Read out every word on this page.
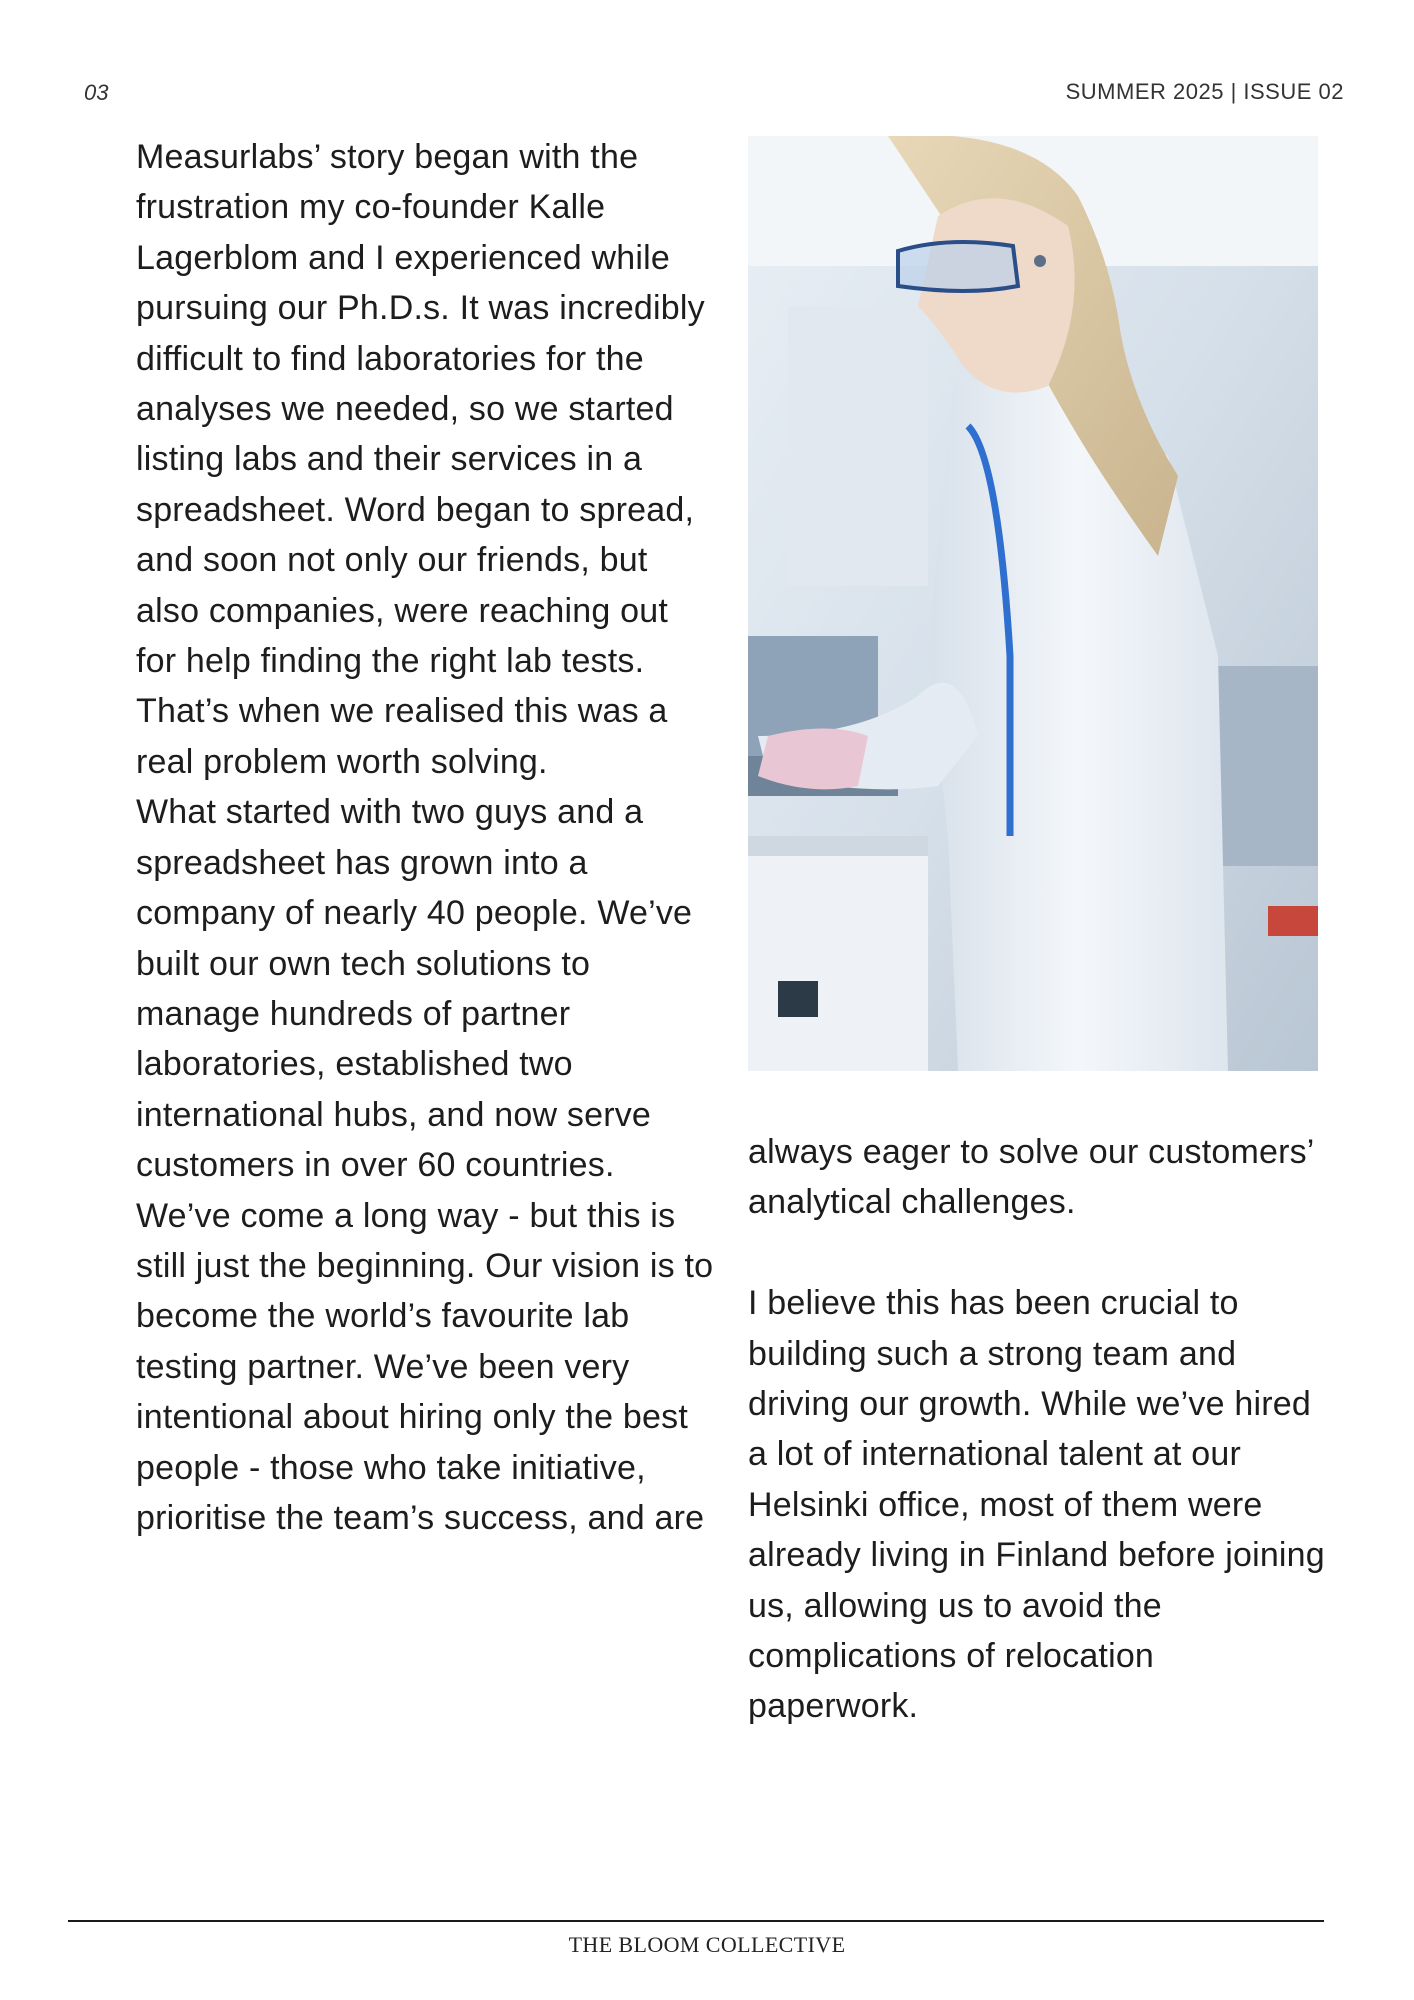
03	SUMMER 2025 | ISSUE 02

Measurlabs’ story began with the frustration my co-founder Kalle Lagerblom and I experienced while pursuing our Ph.D.s. It was incredibly difficult to find laboratories for the analyses we needed, so we started listing labs and their services in a spreadsheet. Word began to spread, and soon not only our friends, but also companies, were reaching out for help finding the right lab tests. That’s when we realised this was a real problem worth solving.

What started with two guys and a spreadsheet has grown into a company of nearly 40 people. We’ve built our own tech solutions to manage hundreds of partner laboratories, established two international hubs, and now serve customers in over 60 countries. We’ve come a long way - but this is still just the beginning. Our vision is to become the world’s favourite lab testing partner. We’ve been very intentional about hiring only the best people - those who take initiative, prioritise the team’s success, and are

always eager to solve our customers’ analytical challenges.

I believe this has been crucial to building such a strong team and driving our growth. While we’ve hired a lot of international talent at our Helsinki office, most of them were already living in Finland before joining us, allowing us to avoid the complications of relocation paperwork.

THE BLOOM COLLECTIVE
